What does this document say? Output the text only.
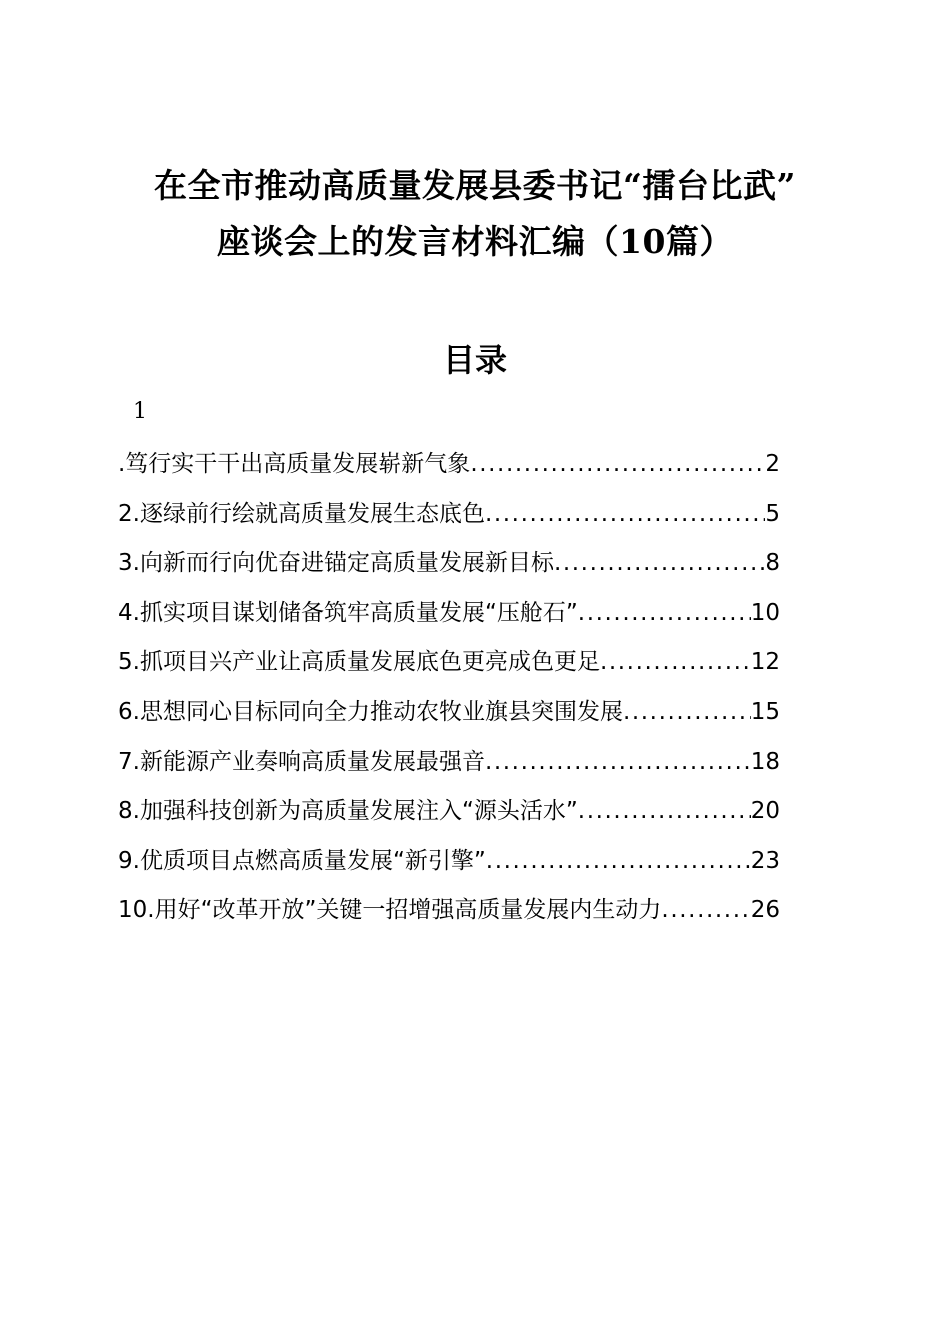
在全市推动高质量发展县委书记“擂台比武”
座谈会上的发言材料汇编（10篇）
目录
1
.笃行实干干出高质量发展崭新气象 .....	2
2.逐绿前行绘就高质量发展生态底色 .....	5
3.向新而行向优奋进锚定高质量发展新目标 .....	8
4.抓实项目谋划储备筑牢高质量发展“压舱石” .....	10
5.抓项目兴产业让高质量发展底色更亮成色更足 .....	12
6.思想同心目标同向全力推动农牧业旗县突围发展 .....	15
7.新能源产业奏响高质量发展最强音 .....	18
8.加强科技创新为高质量发展注入“源头活水” .....	20
9.优质项目点燃高质量发展“新引擎” .....	23
10.用好“改革开放”关键一招增强高质量发展内生动力 .....	26
